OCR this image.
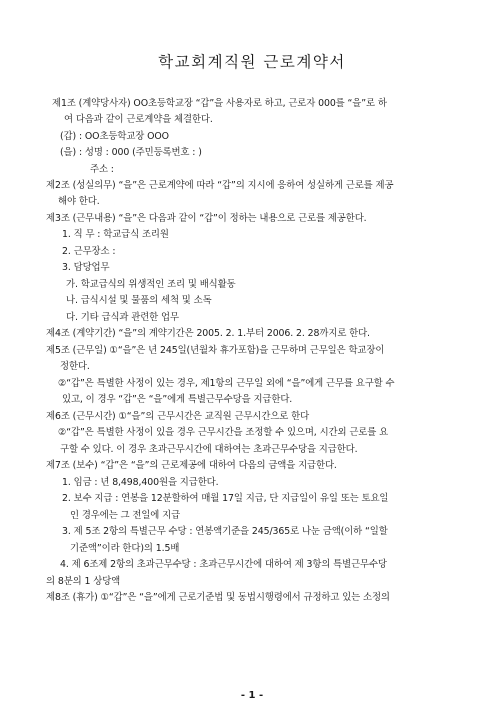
학교회계직원 근로계약서
제1조 (계약당사자) OO초등학교장 “갑”을 사용자로 하고, 근로자 000를 “을”로 하
여 다음과 같이 근로계약을 체결한다.
(갑) : OO초등학교장 OOO
(을) : 성명 : 000 (주민등록번호 : )
주소 :
제2조 (성실의무) “을”은 근로계약에 따라 “갑”의 지시에 응하여 성실하게 근로를 제공
해야 한다.
제3조 (근무내용) “을”은 다음과 같이 “갑”이 정하는 내용으로 근로를 제공한다.
1. 직 무 : 학교급식 조리원
2. 근무장소 :
3. 담당업무
가. 학교급식의 위생적인 조리 및 배식활동
나. 급식시설 및 물품의 세척 및 소독
다. 기타 급식과 관련한 업무
제4조 (계약기간) “을”의 계약기간은 2005. 2. 1.부터 2006. 2. 28까지로 한다.
제5조 (근무일) ①“을”은 년 245일(년월차 휴가포함)을 근무하며 근무일은 학교장이
정한다.
②“갑”은 특별한 사정이 있는 경우, 제1항의 근무일 외에 “을”에게 근무를 요구할 수
있고, 이 경우 “갑”은 “을”에게 특별근무수당을 지급한다.
제6조 (근무시간) ①“을”의 근무시간은 교직원 근무시간으로 한다
②“갑”은 특별한 사정이 있을 경우 근무시간을 조정할 수 있으며, 시간외 근로를 요
구할 수 있다. 이 경우 초과근무시간에 대하여는 초과근무수당을 지급한다.
제7조 (보수) “갑”은 “을”의 근로제공에 대하여 다음의 금액을 지급한다.
1. 임금 : 년 8,498,400원을 지급한다.
2. 보수 지급 : 연봉을 12분할하여 매월 17일 지급, 단 지급일이 유일 또는 토요일
인 경우에는 그 전일에 지급
3. 제 5조 2항의 특별근무 수당 : 연봉액기준을 245/365로 나눈 금액(이하 “일할
기준액”이라 한다)의 1.5배
4. 제 6조제 2항의 초과근무수당 : 초과근무시간에 대하여 제 3항의 특별근무수당
의 8분의 1 상당액
제8조 (휴가) ①“갑”은 “을”에게 근로기준법 및 동법시행령에서 규정하고 있는 소정의
- 1 -
